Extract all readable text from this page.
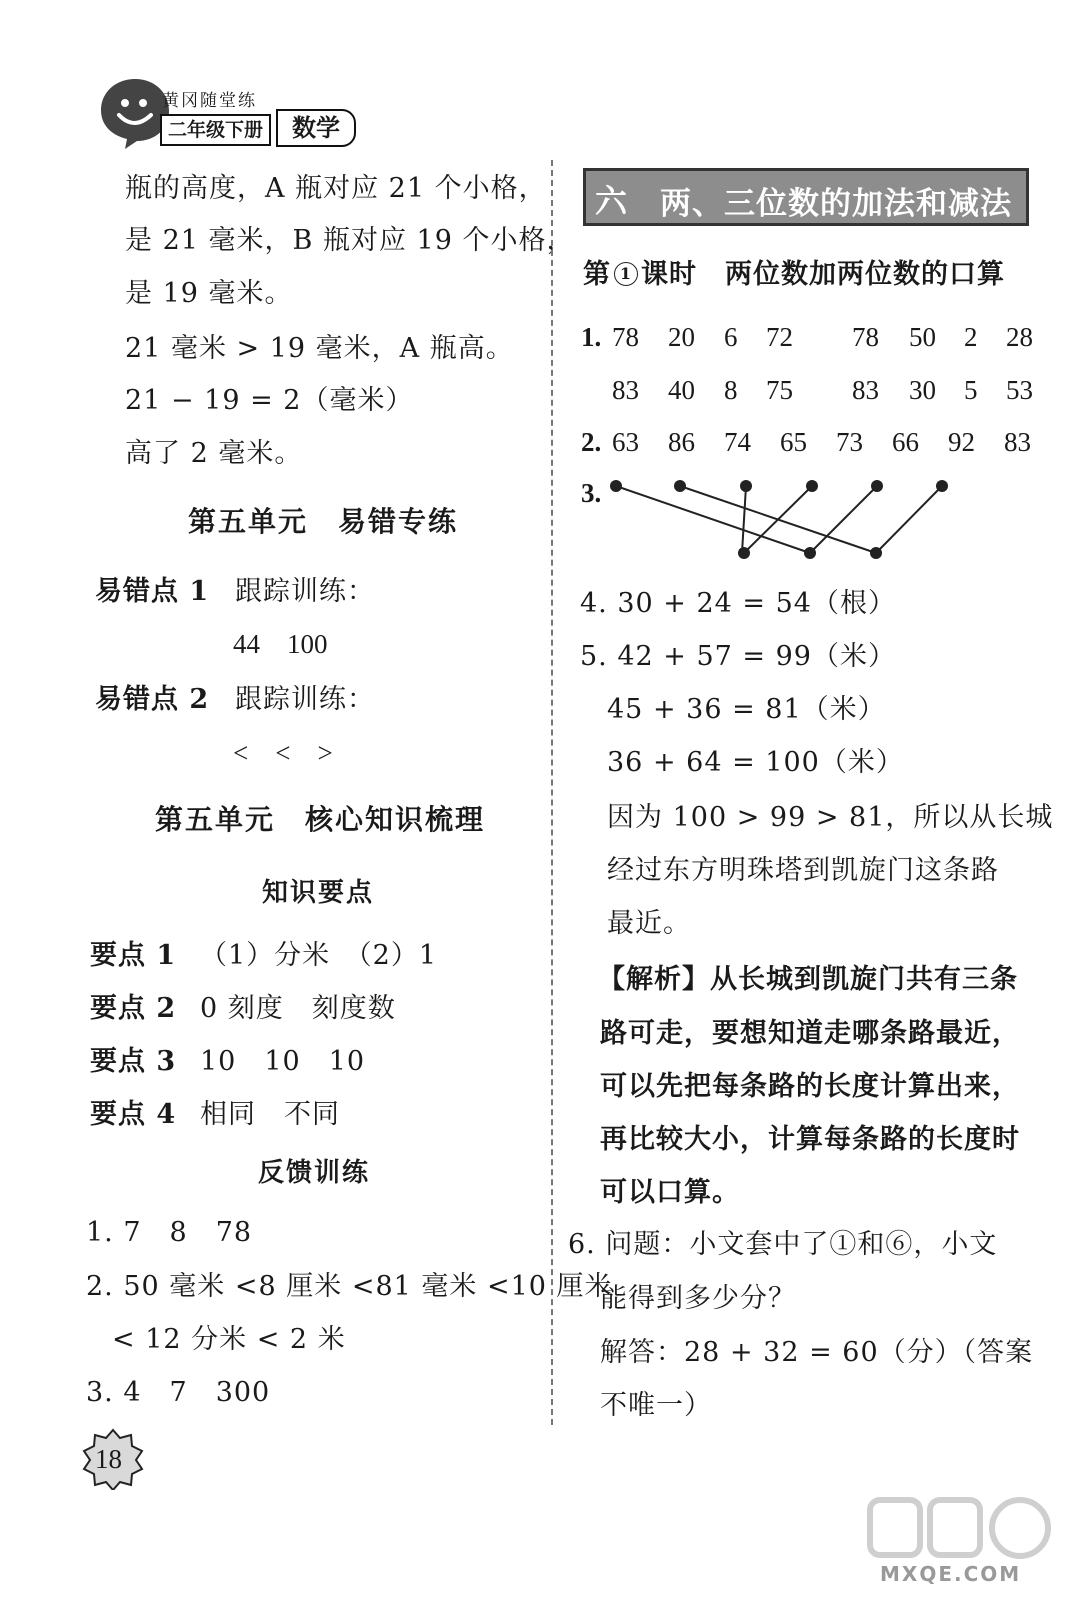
黄冈随堂练
二年级下册	数学
瓶的高度，A 瓶对应 21 个小格，
是 21 毫米，B 瓶对应 19 个小格，
是 19 毫米。
21 毫米 > 19 毫米，A 瓶高。
21 − 19 = 2（毫米）
高了 2 毫米。
第五单元　易错专练
易错点 1 跟踪训练：
44　100
易错点 2 跟踪训练：
<　<　>
第五单元　核心知识梳理
知识要点
要点 1 （1）分米　（2）1
要点 2 0 刻度　刻度数
要点 3 10　10　10
要点 4 相同　不同
反馈训练
1. 7　8　78
2. 50 毫米 <8 厘米 <81 毫米 <10 厘米
< 12 分米 < 2 米
3. 4　7　300
六 两、三位数的加法和减法
第 1 课时　两位数加两位数的口算
1. 78 20 6 72 78 50 2 28
83 40 8 75 83 30 5 53
2. 63 86 74 65 73 66 92 83
3.
4. 30 + 24 = 54（根）
5. 42 + 57 = 99（米）
45 + 36 = 81（米）
36 + 64 = 100（米）
因为 100 > 99 > 81，所以从长城
经过东方明珠塔到凯旋门这条路
最近。
【解析】从长城到凯旋门共有三条
路可走，要想知道走哪条路最近，
可以先把每条路的长度计算出来，
再比较大小，计算每条路的长度时
可以口算。
6. 问题：小文套中了①和⑥，小文
能得到多少分？
解答：28 + 32 = 60（分）（答案
不唯一）
18
MXQE.COM
